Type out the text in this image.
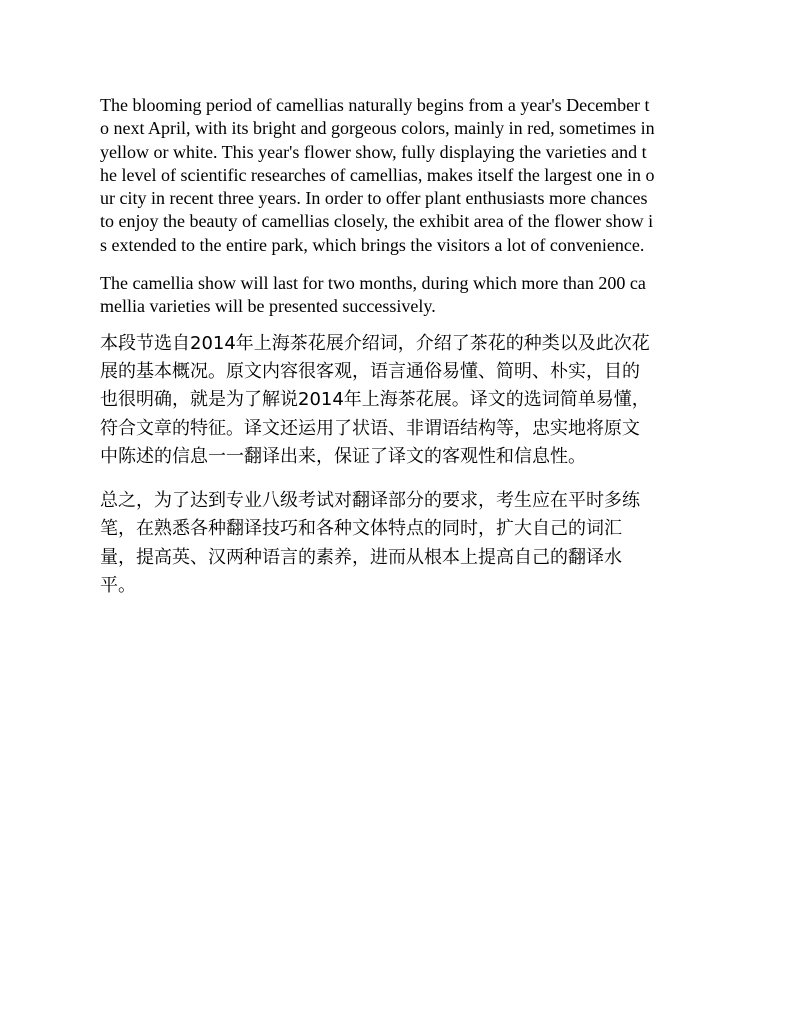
The blooming period of camellias naturally begins from a year's December t
o next April, with its bright and gorgeous colors, mainly in red, sometimes in
yellow or white. This year's flower show, fully displaying the varieties and t
he level of scientific researches of camellias, makes itself the largest one in o
ur city in recent three years. In order to offer plant enthusiasts more chances
to enjoy the beauty of camellias closely, the exhibit area of the flower show i
s extended to the entire park, which brings the visitors a lot of convenience.

The camellia show will last for two months, during which more than 200 ca
mellia varieties will be presented successively.

本段节选自2014年上海茶花展介绍词，介绍了茶花的种类以及此次花
展的基本概况。原文内容很客观，语言通俗易懂、简明、朴实，目的
也很明确，就是为了解说2014年上海茶花展。译文的选词简单易懂，
符合文章的特征。译文还运用了状语、非谓语结构等，忠实地将原文
中陈述的信息一一翻译出来，保证了译文的客观性和信息性。

总之，为了达到专业八级考试对翻译部分的要求，考生应在平时多练
笔，在熟悉各种翻译技巧和各种文体特点的同时，扩大自己的词汇
量，提高英、汉两种语言的素养，进而从根本上提高自己的翻译水
平。
